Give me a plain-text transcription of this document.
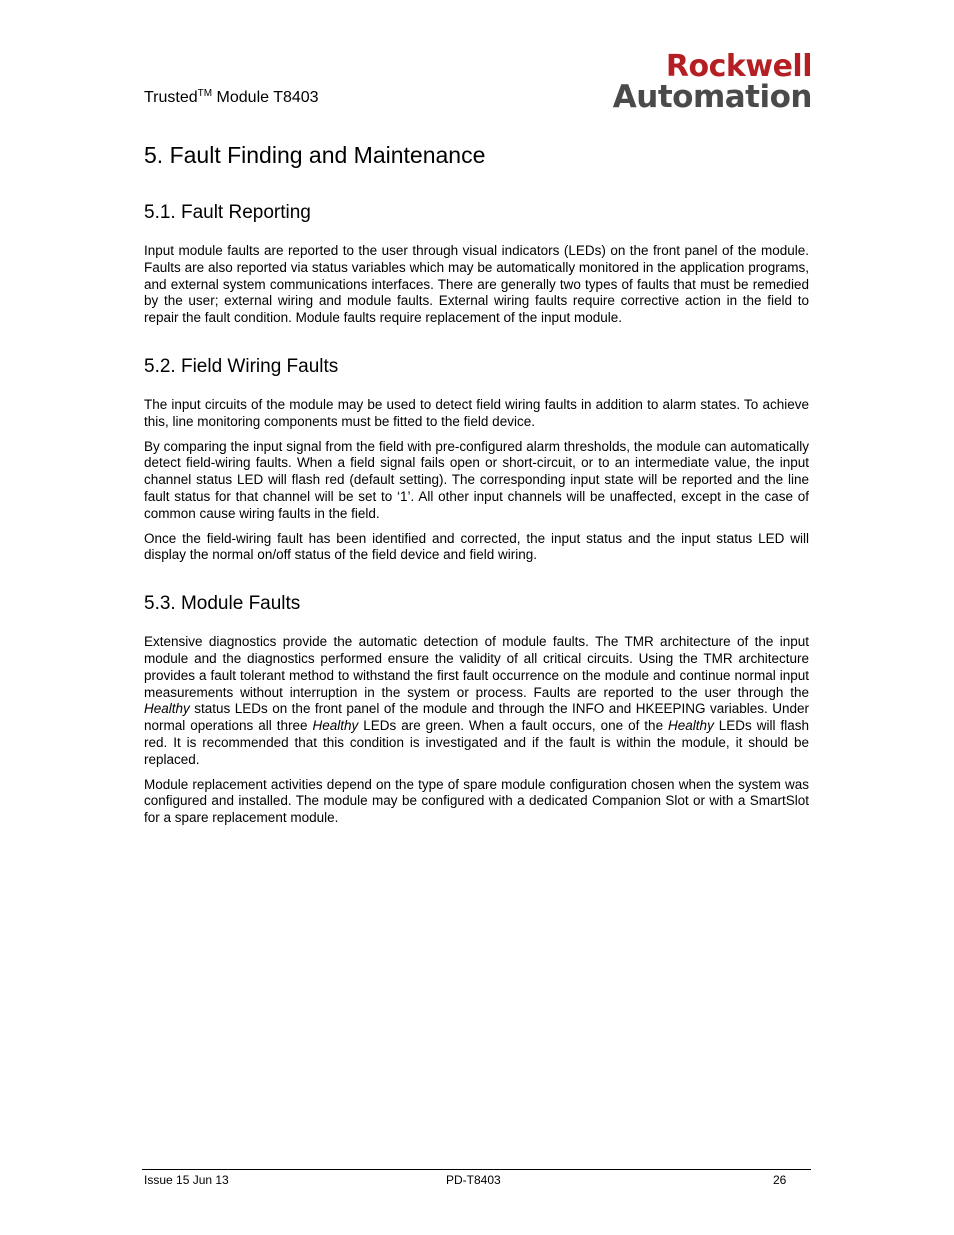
Trusted™ Module T8403
Rockwell
Automation
5. Fault Finding and Maintenance
5.1. Fault Reporting

Input module faults are reported to the user through visual indicators (LEDs) on the front panel of the module. Faults are also reported via status variables which may be automatically monitored in the application programs, and external system communications interfaces. There are generally two types of faults that must be remedied by the user; external wiring and module faults. External wiring faults require corrective action in the field to repair the fault condition. Module faults require replacement of the input module.

5.2. Field Wiring Faults

The input circuits of the module may be used to detect field wiring faults in addition to alarm states. To achieve this, line monitoring components must be fitted to the field device.

By comparing the input signal from the field with pre-configured alarm thresholds, the module can automatically detect field-wiring faults. When a field signal fails open or short-circuit, or to an intermediate value, the input channel status LED will flash red (default setting). The corresponding input state will be reported and the line fault status for that channel will be set to ‘1’. All other input channels will be unaffected, except in the case of common cause wiring faults in the field.

Once the field-wiring fault has been identified and corrected, the input status and the input status LED will display the normal on/off status of the field device and field wiring.

5.3. Module Faults

Extensive diagnostics provide the automatic detection of module faults. The TMR architecture of the input module and the diagnostics performed ensure the validity of all critical circuits. Using the TMR architecture provides a fault tolerant method to withstand the first fault occurrence on the module and continue normal input measurements without interruption in the system or process. Faults are reported to the user through the Healthy status LEDs on the front panel of the module and through the INFO and HKEEPING variables. Under normal operations all three Healthy LEDs are green. When a fault occurs, one of the Healthy LEDs will flash red. It is recommended that this condition is investigated and if the fault is within the module, it should be replaced.

Module replacement activities depend on the type of spare module configuration chosen when the system was configured and installed. The module may be configured with a dedicated Companion Slot or with a SmartSlot for a spare replacement module.

Issue 15 Jun 13	PD-T8403	26
